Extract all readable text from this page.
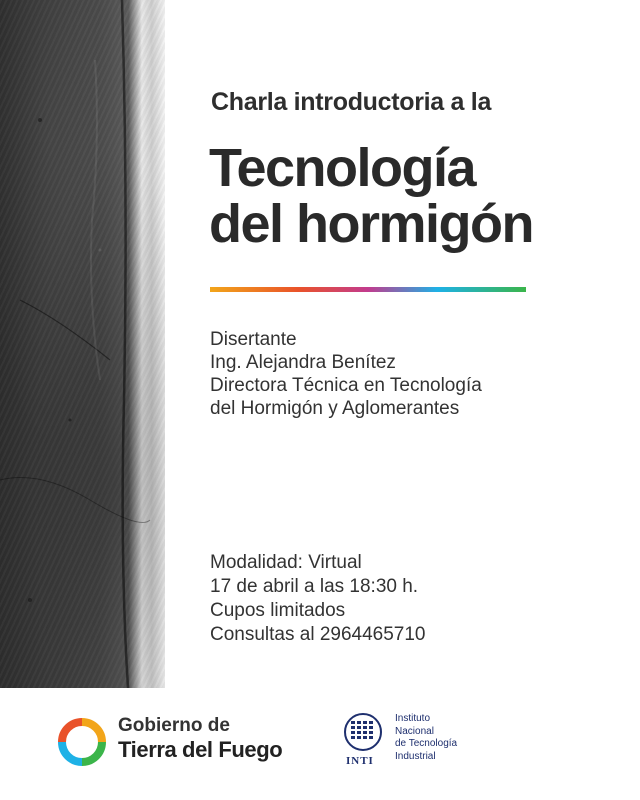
Charla introductoria a la
Tecnología
del hormigón
Disertante
Ing. Alejandra Benítez
Directora Técnica en Tecnología
del Hormigón y Aglomerantes
Modalidad: Virtual
17 de abril a las 18:30 h.
Cupos limitados
Consultas al 2964465710
Gobierno de
Tierra del Fuego	INTI
Instituto
Nacional
de Tecnología
Industrial
